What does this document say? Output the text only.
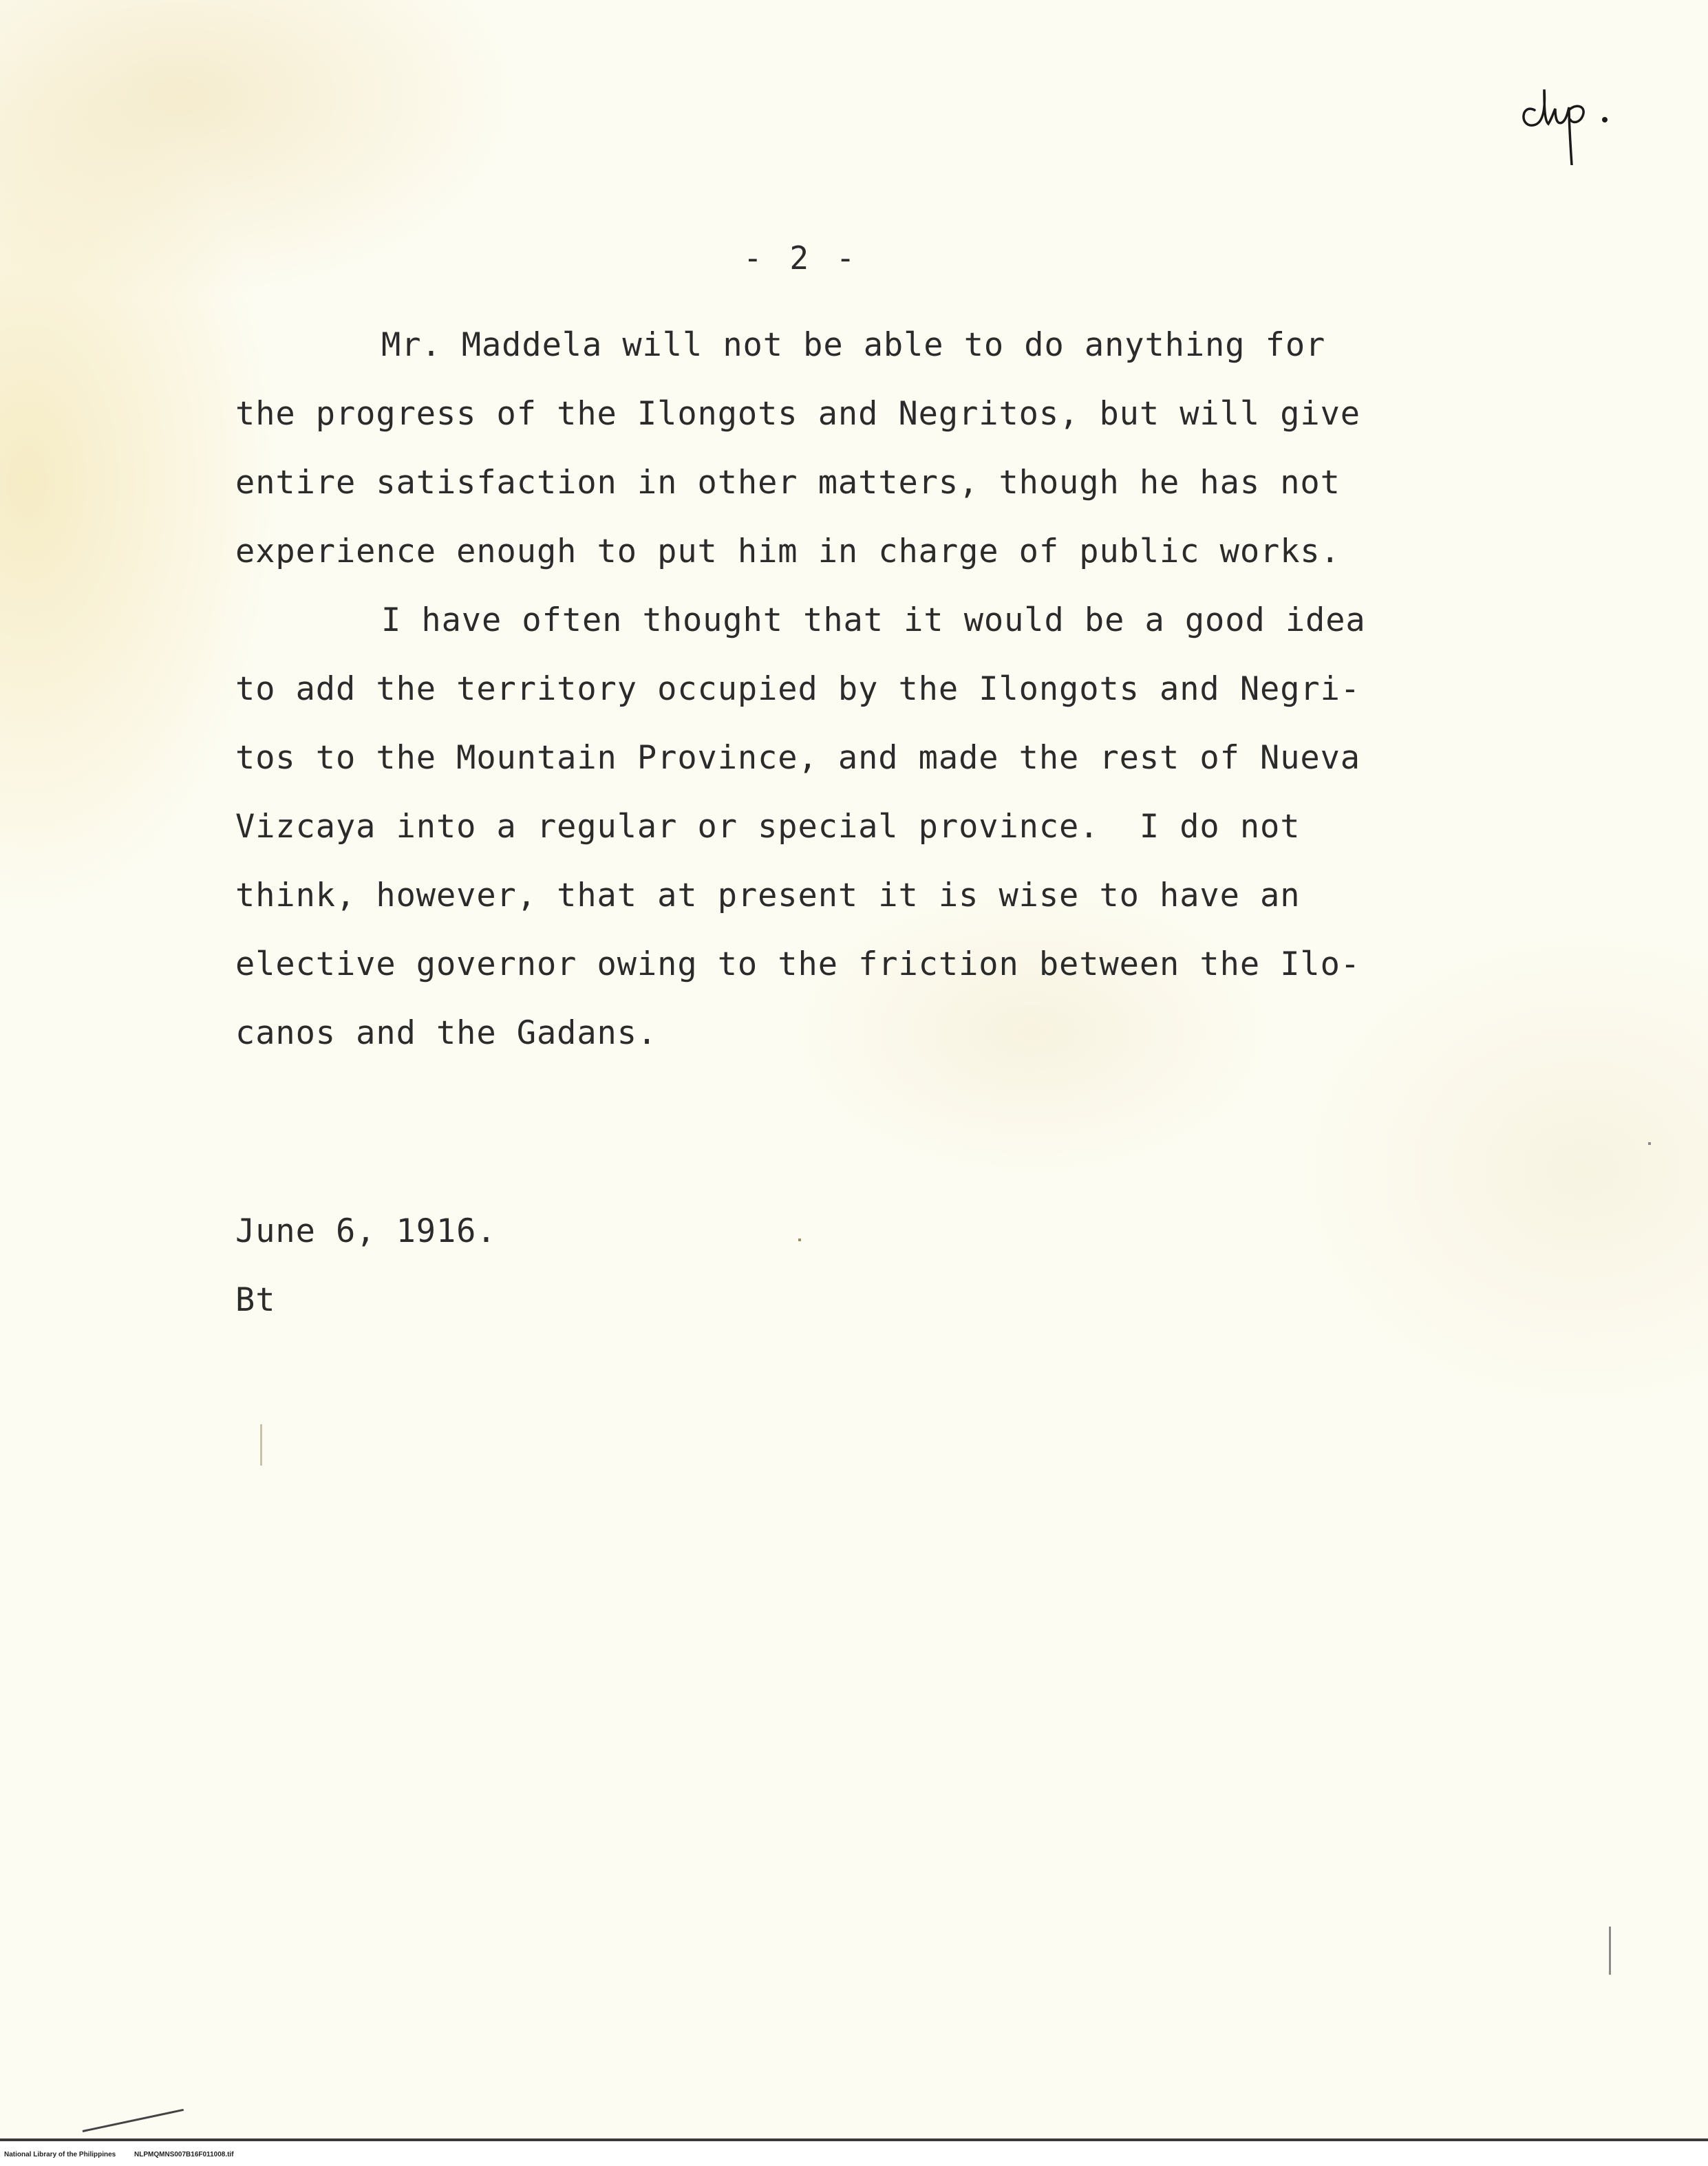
- 2 -
Mr. Maddela will not be able to do anything for
the progress of the Ilongots and Negritos, but will give
entire satisfaction in other matters, though he has not
experience enough to put him in charge of public works.
I have often thought that it would be a good idea
to add the territory occupied by the Ilongots and Negri-
tos to the Mountain Province, and made the rest of Nueva
Vizcaya into a regular or special province.  I do not
think, however, that at present it is wise to have an
elective governor owing to the friction between the Ilo-
canos and the Gadans.
June 6, 1916.
Bt
National Library of the Philippines	NLPMQMNS007B16F011008.tif
